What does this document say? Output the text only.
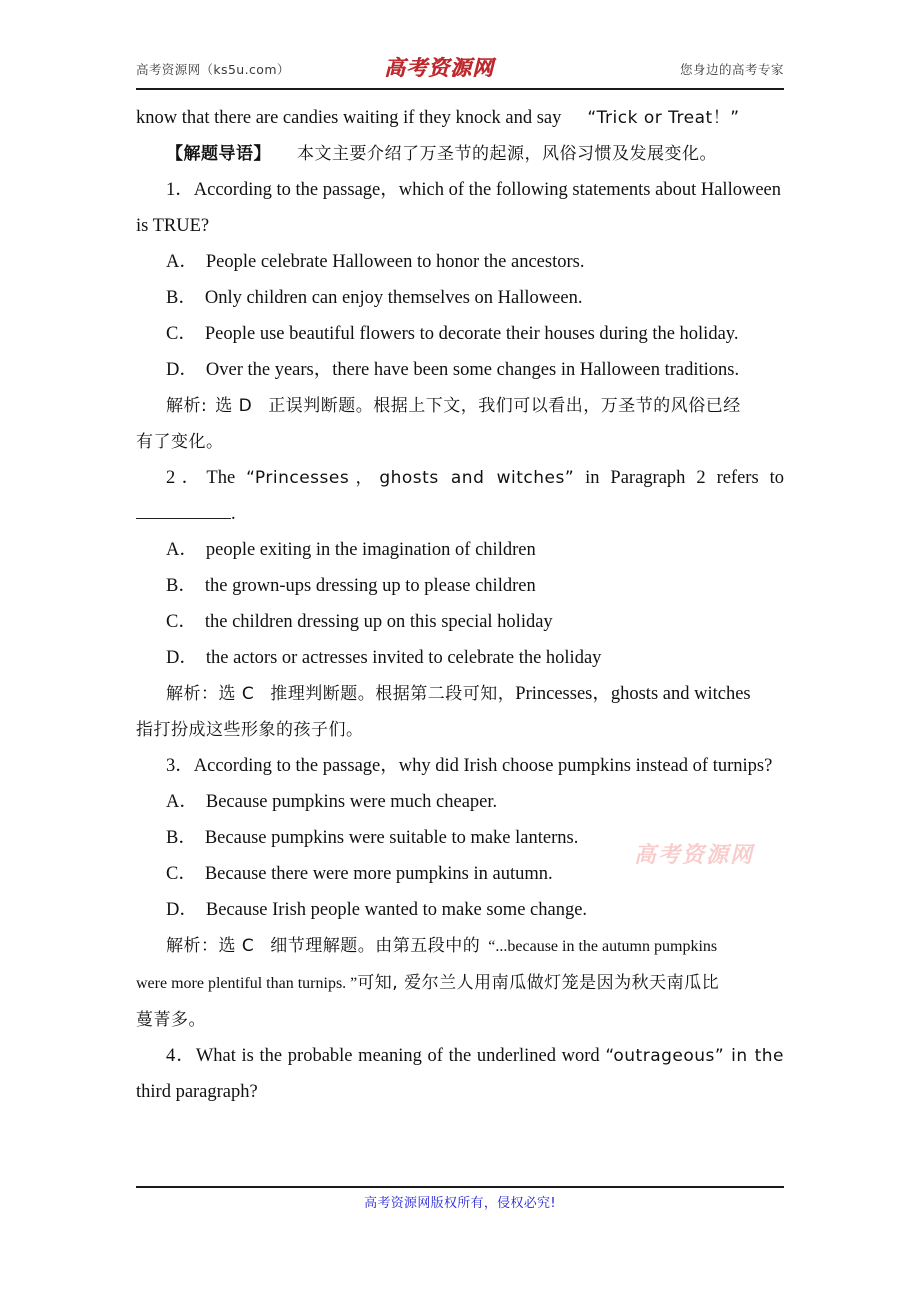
高考资源网（ks5u.com）	高考资源网	您身边的高考专家
高考资源网
know that there are candies waiting if they knock and say “Trick or Treat！”
【解题导语】 本文主要介绍了万圣节的起源，风俗习惯及发展变化。
1．According to the passage，which of the following statements about Halloween
is TRUE?
A． People celebrate Halloween to honor the ancestors.
B． Only children can enjoy themselves on Halloween.
C． People use beautiful flowers to decorate their houses during the holiday.
D． Over the years，there have been some changes in Halloween traditions.
解析: 选 D 正误判断题。根据上下文，我们可以看出，万圣节的风俗已经
有了变化。
2．The “Princesses，ghosts and witches” in Paragraph 2 refers to
.
A． people exiting in the imagination of children
B． the grown-ups dressing up to please children
C． the children dressing up on this special holiday
D． the actors or actresses invited to celebrate the holiday
解析：选 C 推理判断题。根据第二段可知，Princesses，ghosts and witches
指打扮成这些形象的孩子们。
3．According to the passage，why did Irish choose pumpkins instead of turnips?
A． Because pumpkins were much cheaper.
B． Because pumpkins were suitable to make lanterns.
C． Because there were more pumpkins in autumn.
D． Because Irish people wanted to make some change.
解析：选 C 细节理解题。由第五段中的 “...because in the autumn pumpkins
were more plentiful than turnips. ”可知, 爱尔兰人用南瓜做灯笼是因为秋天南瓜比
蔓菁多。
4．What is the probable meaning of the underlined word “outrageous” in the
third paragraph?
高考资源网版权所有，侵权必究!
